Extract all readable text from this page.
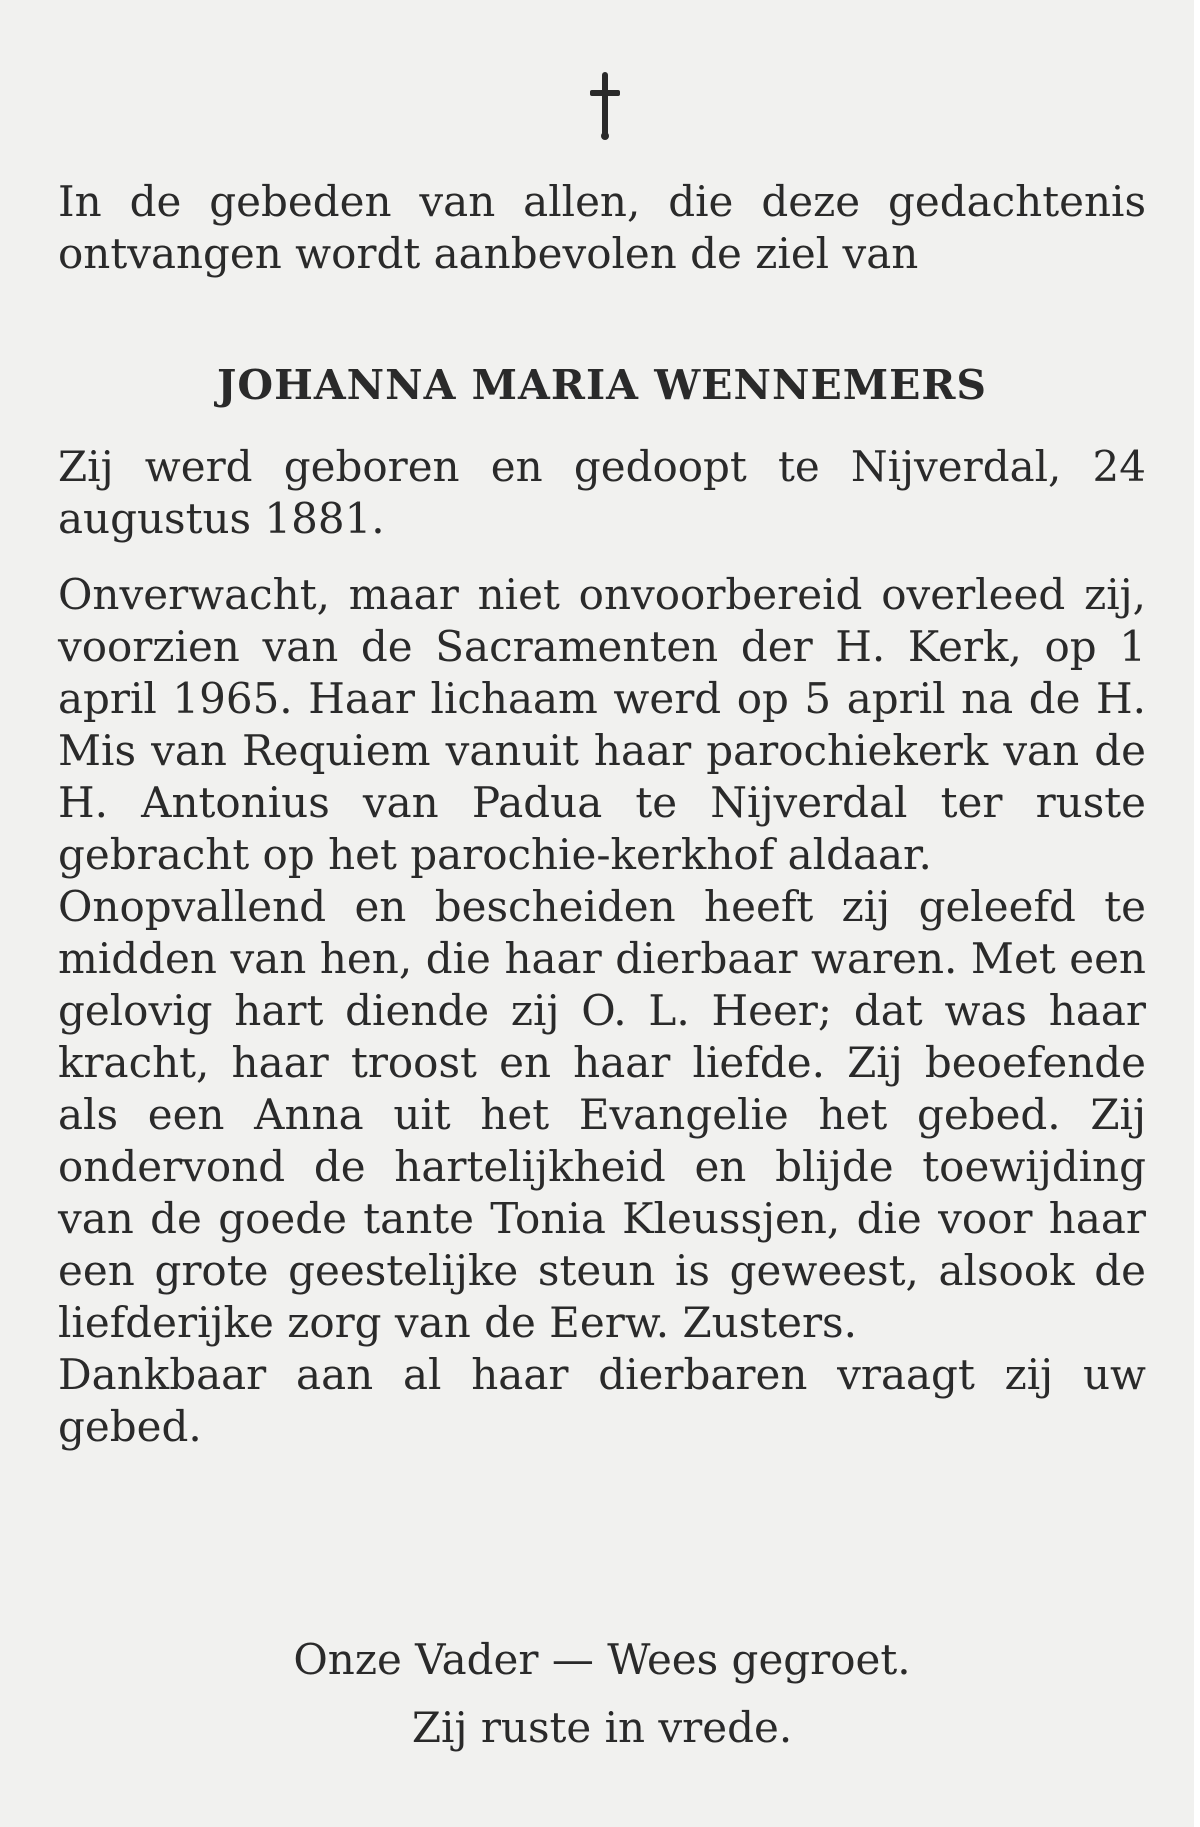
In de gebeden van allen, die deze gedachtenis ontvangen wordt aanbevolen de ziel van
JOHANNA MARIA WENNEMERS
Zij werd geboren en gedoopt te Nijverdal, 24 augustus 1881.
Onverwacht, maar niet onvoorbereid overleed zij, voorzien van de Sacramenten der H. Kerk, op 1 april 1965. Haar lichaam werd op 5 april na de H. Mis van Requiem vanuit haar parochiekerk van de H. Antonius van Padua te Nijverdal ter ruste gebracht op het parochie-kerkhof aldaar.
Onopvallend en bescheiden heeft zij geleefd te midden van hen, die haar dierbaar waren. Met een gelovig hart diende zij O. L. Heer; dat was haar kracht, haar troost en haar liefde. Zij beoefende als een Anna uit het Evangelie het gebed. Zij ondervond de hartelijkheid en blijde toewijding van de goede tante Tonia Kleussjen, die voor haar een grote geestelijke steun is geweest, alsook de liefderijke zorg van de Eerw. Zusters.
Dankbaar aan al haar dierbaren vraagt zij uw gebed.
Onze Vader — Wees gegroet.
Zij ruste in vrede.
